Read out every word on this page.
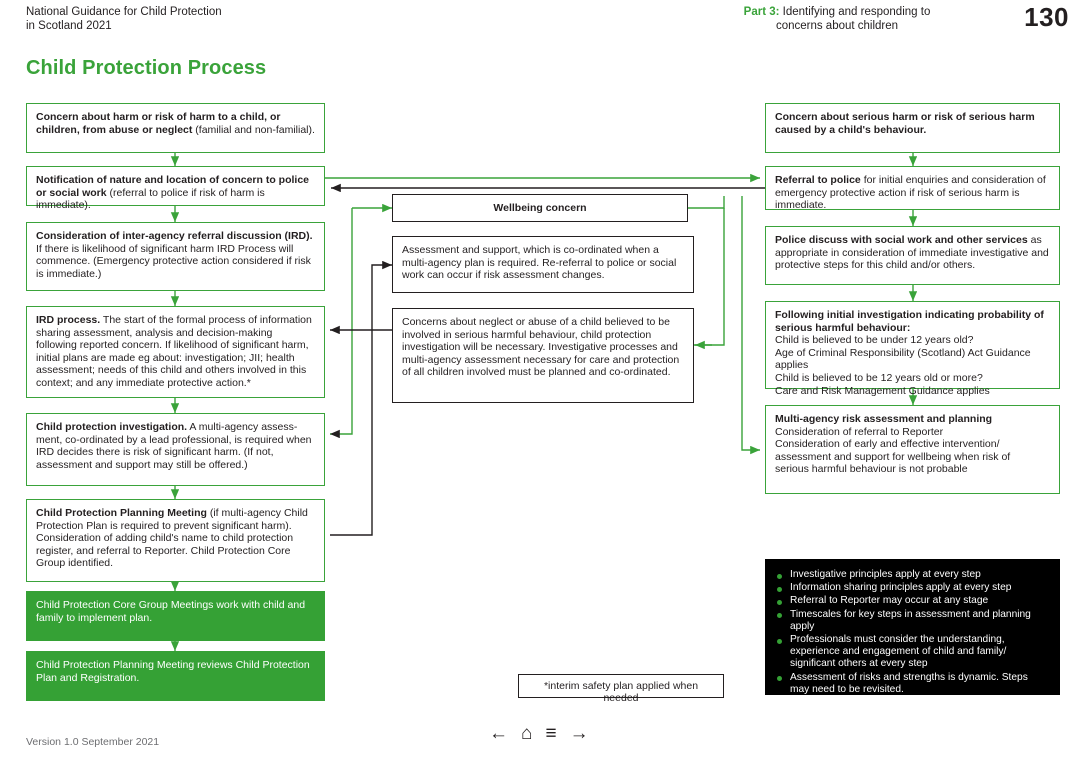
National Guidance for Child Protection
in Scotland 2021
Part 3: Identifying and responding to
concerns about children	130
Child Protection Process
Concern about harm or risk of harm to a child, or children, from abuse or neglect (familial and non-familial).
Notification of nature and location of concern to police or social work (referral to police if risk of harm is immediate).
Consideration of inter-agency referral discussion (IRD). If there is likelihood of significant harm IRD Process will commence. (Emergency protective action considered if risk is immediate.)
IRD process. The start of the formal process of information sharing assessment, analysis and decision-making following reported concern. If likelihood of significant harm, initial plans are made eg about: investigation; JII; health assessment; needs of this child and others involved in this context; and any immediate protective action.*
Child protection investigation. A multi-agency assess-ment, co-ordinated by a lead professional, is required when IRD decides there is risk of significant harm. (If not, assessment and support may still be offered.)
Child Protection Planning Meeting (if multi-agency Child Protection Plan is required to prevent significant harm). Consideration of adding child's name to child protection register, and referral to Reporter. Child Protection Core Group identified.
Child Protection Core Group Meetings work with child and family to implement plan.
Child Protection Planning Meeting reviews Child Protection Plan and Registration.
Wellbeing concern
Assessment and support, which is co-ordinated when a multi-agency plan is required. Re-referral to police or social work can occur if risk assessment changes.
Concerns about neglect or abuse of a child believed to be involved in serious harmful behaviour, child protection investigation will be necessary. Investigative processes and multi-agency assessment necessary for care and protection of all children involved must be planned and co-ordinated.
Concern about serious harm or risk of serious harm caused by a child's behaviour.
Referral to police for initial enquiries and consideration of emergency protective action if risk of serious harm is immediate.
Police discuss with social work and other services as appropriate in consideration of immediate investigative and protective steps for this child and/or others.
Following initial investigation indicating probability of serious harmful behaviour:
Child is believed to be under 12 years old?
Age of Criminal Responsibility (Scotland) Act Guidance applies
Child is believed to be 12 years old or more?
Care and Risk Management Guidance applies
Multi-agency risk assessment and planning
Consideration of referral to Reporter
Consideration of early and effective intervention/
assessment and support for wellbeing when risk of
serious harmful behaviour is not probable
Investigative principles apply at every step
Information sharing principles apply at every step
Referral to Reporter may occur at any stage
Timescales for key steps in assessment and planning apply
Professionals must consider the understanding, experience and engagement of child and family/ significant others at every step
Assessment of risks and strengths is dynamic. Steps may need to be revisited.
*interim safety plan applied when needed
Version 1.0 September 2021	← ⌂ ≡ →
